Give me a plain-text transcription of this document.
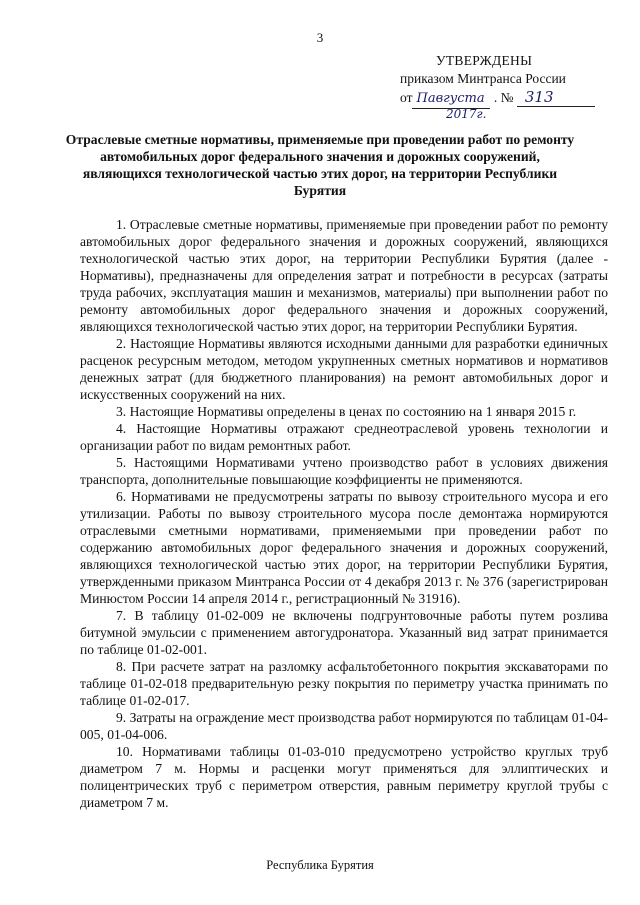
3
УТВЕРЖДЕНЫ
приказом Минтранса России
от Павгуста . № 313
2017г.
Отраслевые сметные нормативы, применяемые при проведении работ по ремонту автомобильных дорог федерального значения и дорожных сооружений, являющихся технологической частью этих дорог, на территории Республики Бурятия

1. Отраслевые сметные нормативы, применяемые при проведении работ по ремонту автомобильных дорог федерального значения и дорожных сооружений, являющихся технологической частью этих дорог, на территории Республики Бурятия (далее - Нормативы), предназначены для определения затрат и потребности в ресурсах (затраты труда рабочих, эксплуатация машин и механизмов, материалы) при выполнении работ по ремонту автомобильных дорог федерального значения и дорожных сооружений, являющихся технологической частью этих дорог, на территории Республики Бурятия.

2. Настоящие Нормативы являются исходными данными для разработки единичных расценок ресурсным методом, методом укрупненных сметных нормативов и нормативов денежных затрат (для бюджетного планирования) на ремонт автомобильных дорог и искусственных сооружений на них.

3. Настоящие Нормативы определены в ценах по состоянию на 1 января 2015 г.

4. Настоящие Нормативы отражают среднеотраслевой уровень технологии и организации работ по видам ремонтных работ.

5. Настоящими Нормативами учтено производство работ в условиях движения транспорта, дополнительные повышающие коэффициенты не применяются.

6. Нормативами не предусмотрены затраты по вывозу строительного мусора и его утилизации. Работы по вывозу строительного мусора после демонтажа нормируются отраслевыми сметными нормативами, применяемыми при проведении работ по содержанию автомобильных дорог федерального значения и дорожных сооружений, являющихся технологической частью этих дорог, на территории Республики Бурятия, утвержденными приказом Минтранса России от 4 декабря 2013 г. № 376 (зарегистрирован Минюстом России 14 апреля 2014 г., регистрационный № 31916).

7. В таблицу 01-02-009 не включены подгрунтовочные работы путем розлива битумной эмульсии с применением автогудронатора. Указанный вид затрат принимается по таблице 01-02-001.

8. При расчете затрат на разломку асфальтобетонного покрытия экскаваторами по таблице 01-02-018 предварительную резку покрытия по периметру участка принимать по таблице 01-02-017.

9. Затраты на ограждение мест производства работ нормируются по таблицам 01-04-005, 01-04-006.

10. Нормативами таблицы 01-03-010 предусмотрено устройство круглых труб диаметром 7 м. Нормы и расценки могут применяться для эллиптических и полицентрических труб с периметром отверстия, равным периметру круглой трубы с диаметром 7 м.

Республика Бурятия
